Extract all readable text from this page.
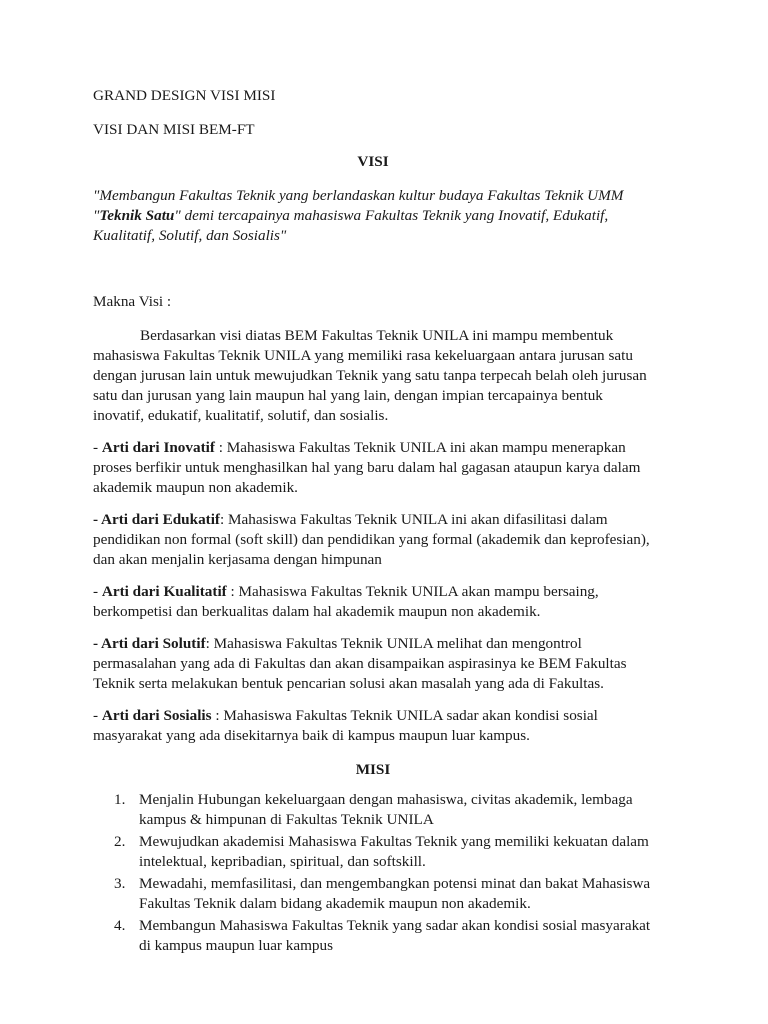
GRAND DESIGN VISI MISI

VISI DAN MISI BEM-FT

VISI

"Membangun Fakultas Teknik yang berlandaskan kultur budaya Fakultas Teknik UMM "Teknik Satu" demi tercapainya mahasiswa Fakultas Teknik yang Inovatif, Edukatif, Kualitatif, Solutif, dan Sosialis"

Makna Visi :

Berdasarkan visi diatas BEM Fakultas Teknik UNILA ini mampu membentuk mahasiswa Fakultas Teknik UNILA yang memiliki rasa kekeluargaan antara jurusan satu dengan jurusan lain untuk mewujudkan Teknik yang satu tanpa terpecah belah oleh jurusan satu dan jurusan yang lain maupun hal yang lain, dengan impian tercapainya bentuk inovatif, edukatif, kualitatif, solutif, dan sosialis.

- Arti dari Inovatif : Mahasiswa Fakultas Teknik UNILA ini akan mampu menerapkan proses berfikir untuk menghasilkan hal yang baru dalam hal gagasan ataupun karya dalam akademik maupun non akademik.

- Arti dari Edukatif: Mahasiswa Fakultas Teknik UNILA ini akan difasilitasi dalam pendidikan non formal (soft skill) dan pendidikan yang formal (akademik dan keprofesian), dan akan menjalin kerjasama dengan himpunan

- Arti dari Kualitatif : Mahasiswa Fakultas Teknik UNILA akan mampu bersaing, berkompetisi dan berkualitas dalam hal akademik maupun non akademik.

- Arti dari Solutif: Mahasiswa Fakultas Teknik UNILA melihat dan mengontrol permasalahan yang ada di Fakultas dan akan disampaikan aspirasinya ke BEM Fakultas Teknik serta melakukan bentuk pencarian solusi akan masalah yang ada di Fakultas.

- Arti dari Sosialis : Mahasiswa Fakultas Teknik UNILA sadar akan kondisi sosial masyarakat yang ada disekitarnya baik di kampus maupun luar kampus.

MISI

1. Menjalin Hubungan kekeluargaan dengan mahasiswa, civitas akademik, lembaga kampus & himpunan di Fakultas Teknik UNILA
2. Mewujudkan akademisi Mahasiswa Fakultas Teknik yang memiliki kekuatan dalam intelektual, kepribadian, spiritual, dan softskill.
3. Mewadahi, memfasilitasi, dan mengembangkan potensi minat dan bakat Mahasiswa Fakultas Teknik dalam bidang akademik maupun non akademik.
4. Membangun Mahasiswa Fakultas Teknik yang sadar akan kondisi sosial masyarakat di kampus maupun luar kampus
